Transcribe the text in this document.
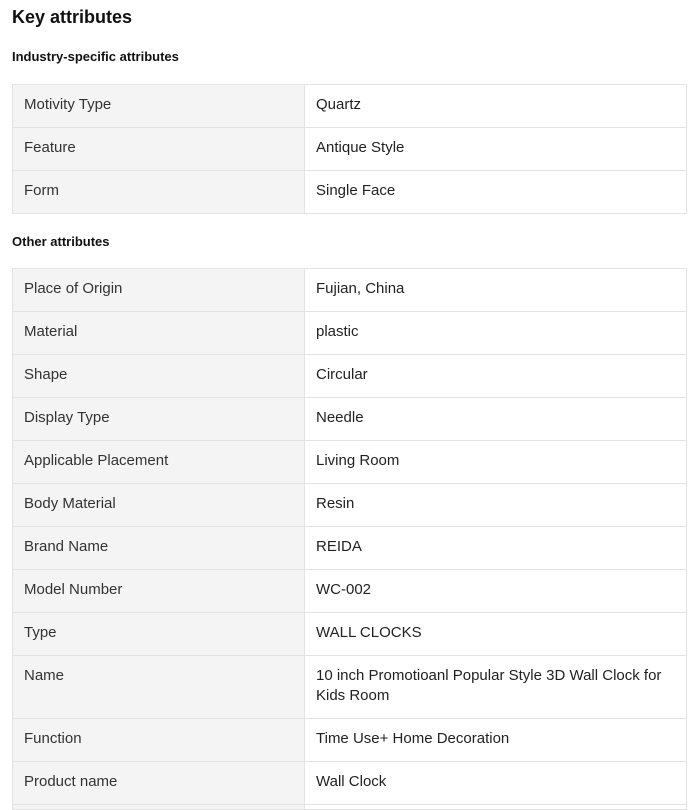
Key attributes
Industry-specific attributes
Motivity Type	Quartz
Feature	Antique Style
Form	Single Face
Other attributes
Place of Origin	Fujian, China
Material	plastic
Shape	Circular
Display Type	Needle
Applicable Placement	Living Room
Body Material	Resin
Brand Name	REIDA
Model Number	WC-002
Type	WALL CLOCKS
Name	10 inch Promotioanl Popular Style 3D Wall Clock for Kids Room
Function	Time Use+ Home Decoration
Product name	Wall Clock
